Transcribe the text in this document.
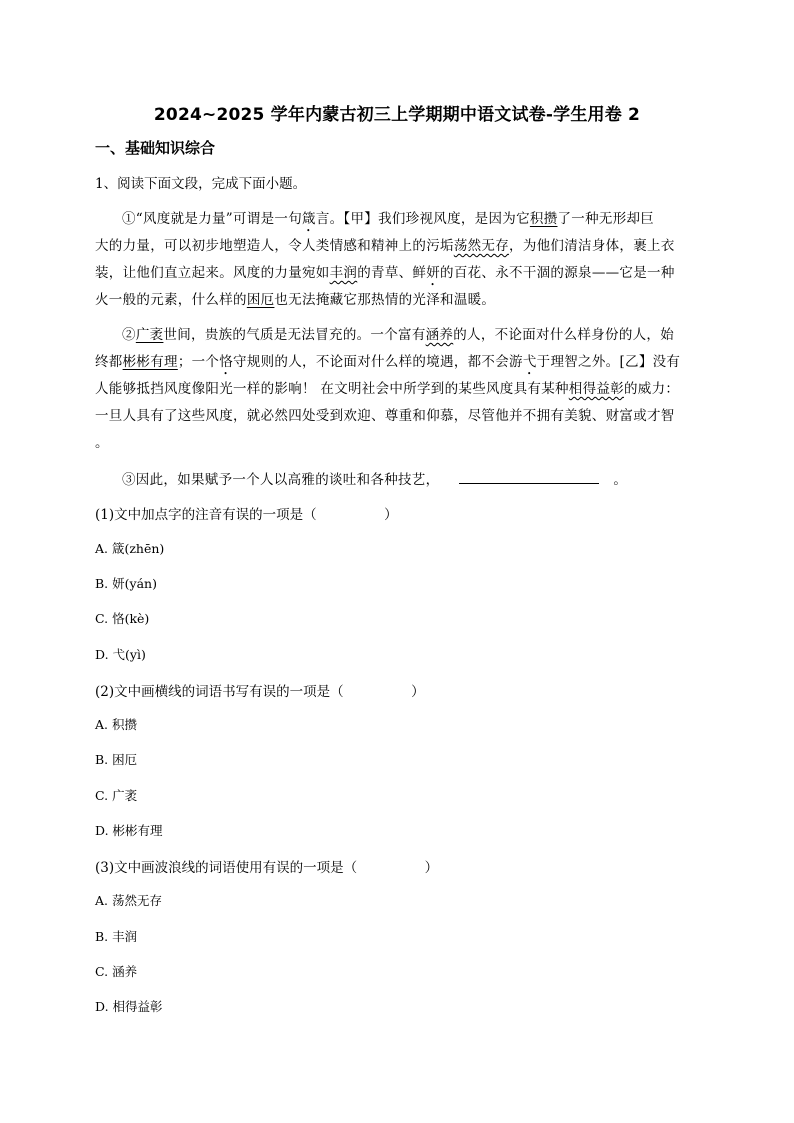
2024~2025 学年内蒙古初三上学期期中语文试卷-学生用卷 2
一、基础知识综合
1、阅读下面文段，完成下面小题。
①“风度就是力量”可谓是一句箴言。【甲】我们珍视风度，是因为它积攒了一种无形却巨
大的力量，可以初步地塑造人，令人类情感和精神上的污垢荡然无存，为他们清洁身体，裹上衣
装，让他们直立起来。风度的力量宛如丰润的青草、鲜妍的百花、永不干涸的源泉——它是一种
火一般的元素，什么样的困厄也无法掩藏它那热情的光泽和温暖。
②广袤世间，贵族的气质是无法冒充的。一个富有涵养的人，不论面对什么样身份的人，始
终都彬彬有理；一个恪守规则的人，不论面对什么样的境遇，都不会游弋于理智之外。[乙】没有
人能够抵挡风度像阳光一样的影响！ 在文明社会中所学到的某些风度具有某种相得益彰的威力：
一旦人具有了这些风度，就必然四处受到欢迎、尊重和仰慕，尽管他并不拥有美貌、财富或才智
。
③因此，如果赋予一个人以高雅的谈吐和各种技艺，	。
(1)文中加点字的注音有误的一项是（　　　　　）
A. 箴(zhēn)
B. 妍(yán)
C. 恪(kè)
D. 弋(yì)
(2)文中画横线的词语书写有误的一项是（　　　　　）
A. 积攒
B. 困厄
C. 广袤
D. 彬彬有理
(3)文中画波浪线的词语使用有误的一项是（　　　　　）
A. 荡然无存
B. 丰润
C. 涵养
D. 相得益彰
